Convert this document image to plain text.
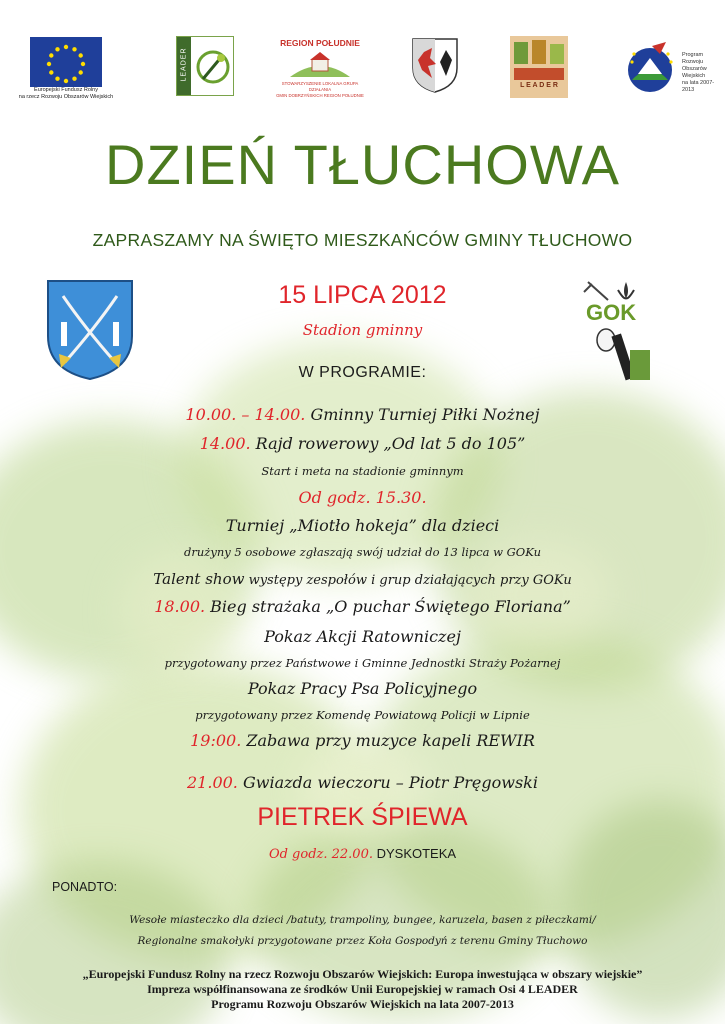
Europejski Fundusz Rolny
na rzecz Rozwoju Obszarów Wiejskich
LEADER
REGION POŁUDNIE
STOWARZYSZENIE LOKALNA GRUPA DZIAŁANIA
GMIN DOBRZYŃSKICH REGION POŁUDNIE
L E A D E R
Program
Rozwoju
Obszarów
Wiejskich
na lata 2007-2013
DZIEŃ TŁUCHOWA
ZAPRASZAMY NA ŚWIĘTO MIESZKAŃCÓW GMINY TŁUCHOWO
GOK
15 LIPCA 2012
Stadion gminny
W PROGRAMIE:
10.00. – 14.00. Gminny Turniej Piłki Nożnej
14.00. Rajd rowerowy „Od lat 5 do 105”
Start i meta na stadionie gminnym
Od godz. 15.30.
Turniej „Miotło hokeja” dla dzieci
drużyny 5 osobowe zgłaszają swój udział do 13 lipca w GOKu
Talent show występy zespołów i grup działających przy GOKu
18.00. Bieg strażaka „O puchar Świętego Floriana”
Pokaz Akcji Ratowniczej
przygotowany przez Państwowe i Gminne Jednostki Straży Pożarnej
Pokaz Pracy Psa Policyjnego
przygotowany przez Komendę Powiatową Policji w Lipnie
19:00. Zabawa przy muzyce kapeli REWIR
21.00. Gwiazda wieczoru – Piotr Pręgowski
PIETREK ŚPIEWA
Od godz. 22.00. DYSKOTEKA
PONADTO:
Wesołe miasteczko dla dzieci /batuty, trampoliny, bungee, karuzela, basen z piłeczkami/
Regionalne smakołyki przygotowane przez Koła Gospodyń z terenu Gminy Tłuchowo
„Europejski Fundusz Rolny na rzecz Rozwoju Obszarów Wiejskich: Europa inwestująca w obszary wiejskie”
Impreza współfinansowana ze środków Unii Europejskiej w ramach Osi 4 LEADER
Programu Rozwoju Obszarów Wiejskich na lata 2007-2013
